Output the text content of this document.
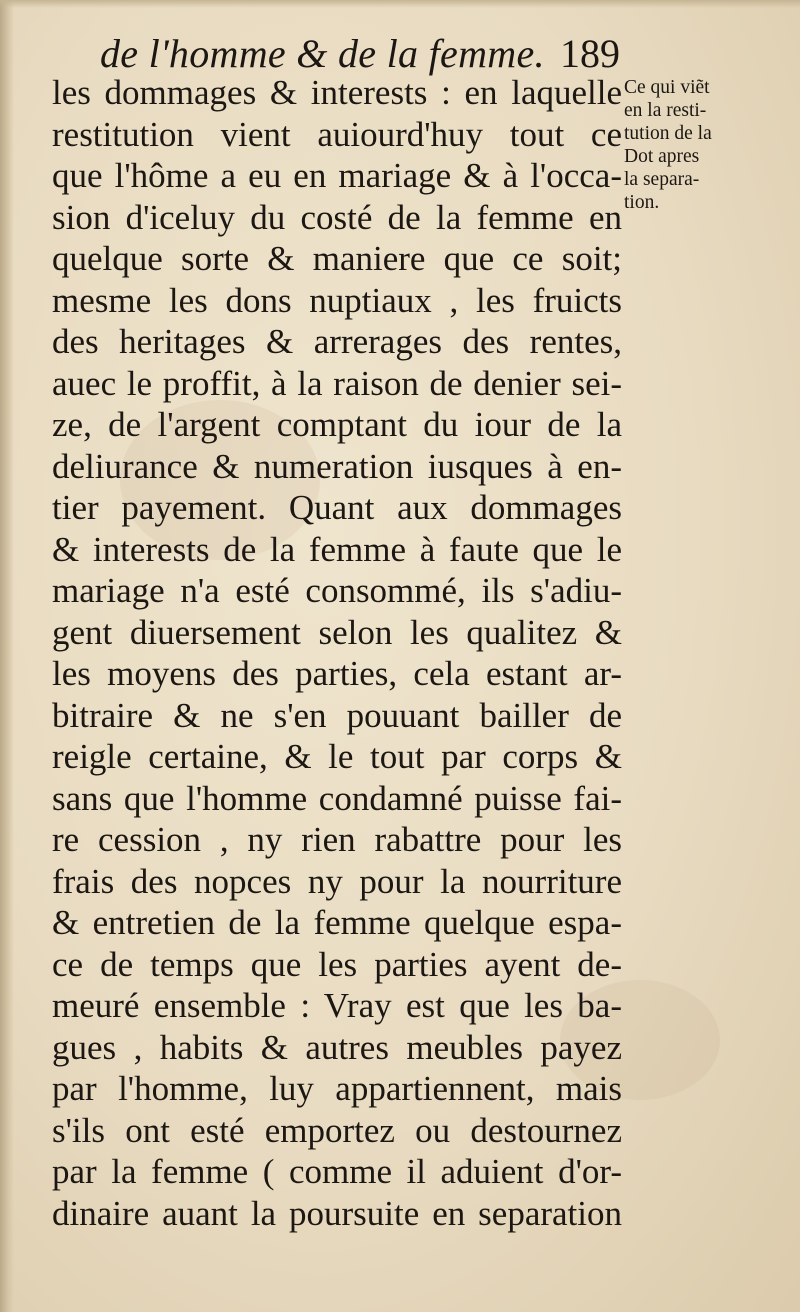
de l'homme & de la femme. 189
les dommages & interests : en laquelle
restitution vient auiourd'huy tout ce
que l'hôme a eu en mariage & à l'occa-
sion d'iceluy du costé de la femme en
quelque sorte & maniere que ce soit;
mesme les dons nuptiaux , les fruicts
des heritages & arrerages des rentes,
auec le proffit, à la raison de denier sei-
ze, de l'argent comptant du iour de la
deliurance & numeration iusques à en-
tier payement. Quant aux dommages
& interests de la femme à faute que le
mariage n'a esté consommé, ils s'adiu-
gent diuersement selon les qualitez &
les moyens des parties, cela estant ar-
bitraire & ne s'en pouuant bailler de
reigle certaine, & le tout par corps &
sans que l'homme condamné puisse fai-
re cession , ny rien rabattre pour les
frais des nopces ny pour la nourriture
& entretien de la femme quelque espa-
ce de temps que les parties ayent de-
meuré ensemble : Vray est que les ba-
gues , habits & autres meubles payez
par l'homme, luy appartiennent, mais
s'ils ont esté emportez ou destournez
par la femme ( comme il aduient d'or-
dinaire auant la poursuite en separation
Ce qui viẽt
en la resti-
tution de la
Dot apres
la separa-
tion.
